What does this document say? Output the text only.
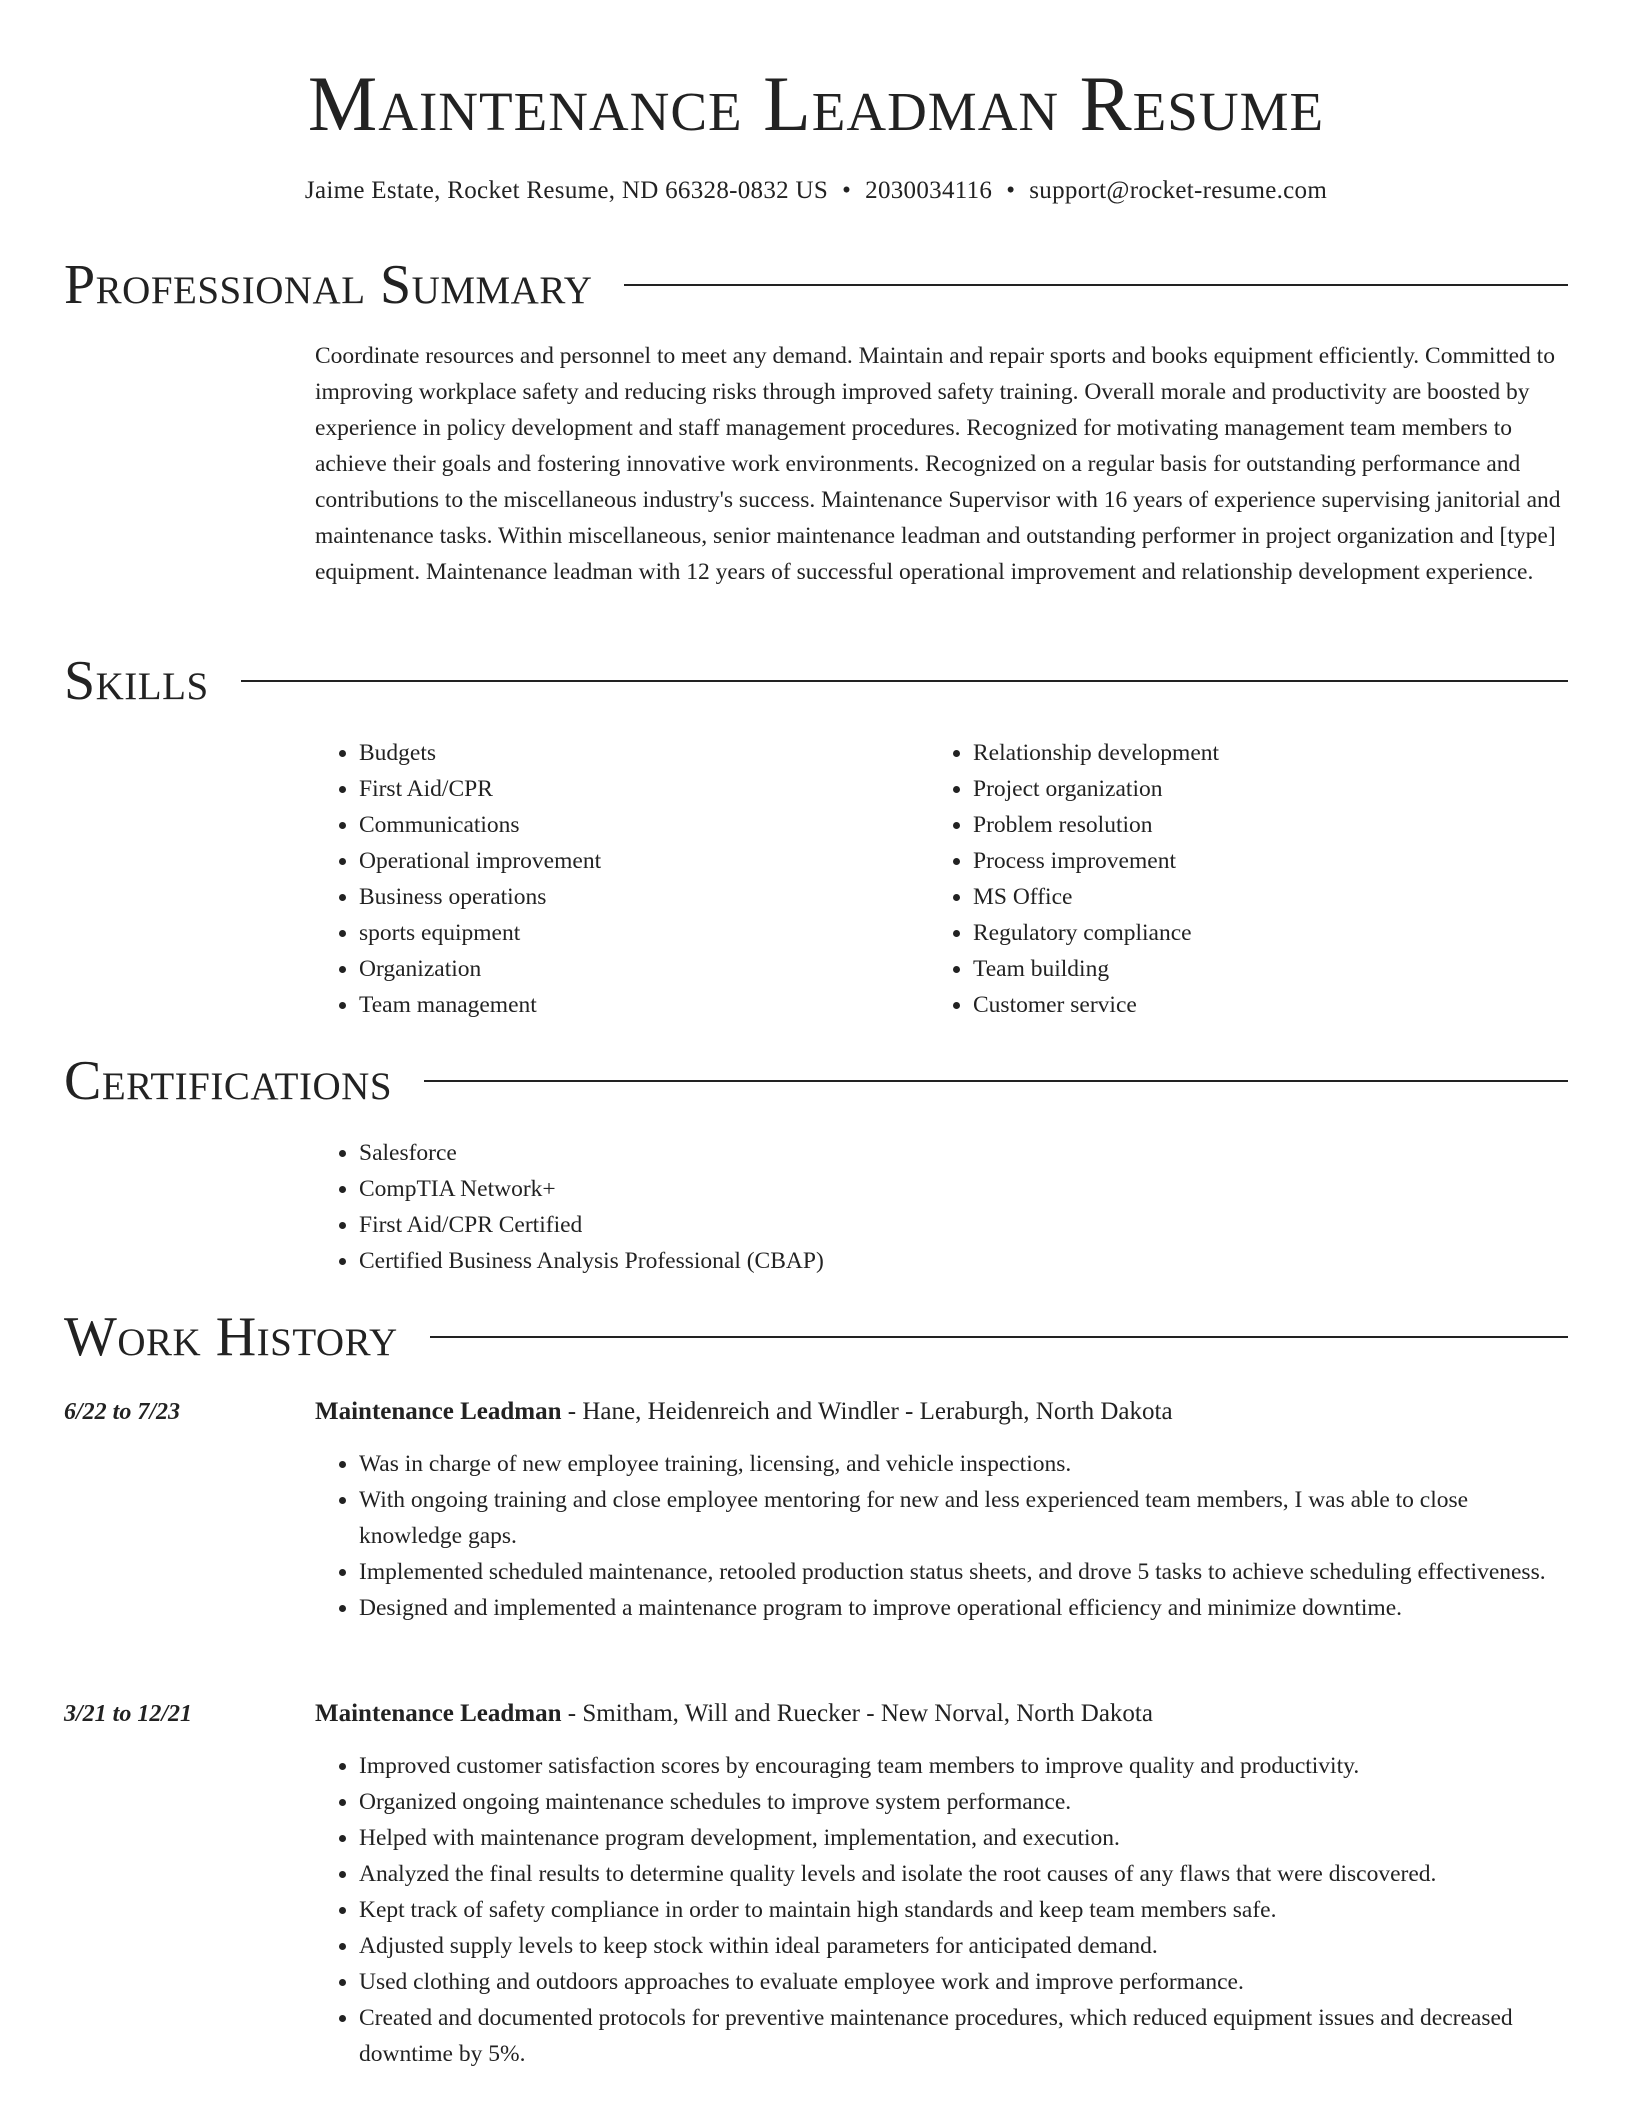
Maintenance Leadman Resume
Jaime Estate, Rocket Resume, ND 66328-0832 US • 2030034116 • support@rocket-resume.com
Professional Summary

Coordinate resources and personnel to meet any demand. Maintain and repair sports and books equipment efficiently. Committed to improving workplace safety and reducing risks through improved safety training. Overall morale and productivity are boosted by experience in policy development and staff management procedures. Recognized for motivating management team members to achieve their goals and fostering innovative work environments. Recognized on a regular basis for outstanding performance and contributions to the miscellaneous industry's success. Maintenance Supervisor with 16 years of experience supervising janitorial and maintenance tasks. Within miscellaneous, senior maintenance leadman and outstanding performer in project organization and [type] equipment. Maintenance leadman with 12 years of successful operational improvement and relationship development experience.

Skills
• Budgets
• First Aid/CPR
• Communications
• Operational improvement
• Business operations
• sports equipment
• Organization
• Team management
• Relationship development
• Project organization
• Problem resolution
• Process improvement
• MS Office
• Regulatory compliance
• Team building
• Customer service
Certifications
• Salesforce
• CompTIA Network+
• First Aid/CPR Certified
• Certified Business Analysis Professional (CBAP)
Work History
6/22 to 7/23	Maintenance Leadman - Hane, Heidenreich and Windler - Leraburgh, North Dakota
• Was in charge of new employee training, licensing, and vehicle inspections.
• With ongoing training and close employee mentoring for new and less experienced team members, I was able to close knowledge gaps.
• Implemented scheduled maintenance, retooled production status sheets, and drove 5 tasks to achieve scheduling effectiveness.
• Designed and implemented a maintenance program to improve operational efficiency and minimize downtime.
3/21 to 12/21	Maintenance Leadman - Smitham, Will and Ruecker - New Norval, North Dakota
• Improved customer satisfaction scores by encouraging team members to improve quality and productivity.
• Organized ongoing maintenance schedules to improve system performance.
• Helped with maintenance program development, implementation, and execution.
• Analyzed the final results to determine quality levels and isolate the root causes of any flaws that were discovered.
• Kept track of safety compliance in order to maintain high standards and keep team members safe.
• Adjusted supply levels to keep stock within ideal parameters for anticipated demand.
• Used clothing and outdoors approaches to evaluate employee work and improve performance.
• Created and documented protocols for preventive maintenance procedures, which reduced equipment issues and decreased downtime by 5%.
